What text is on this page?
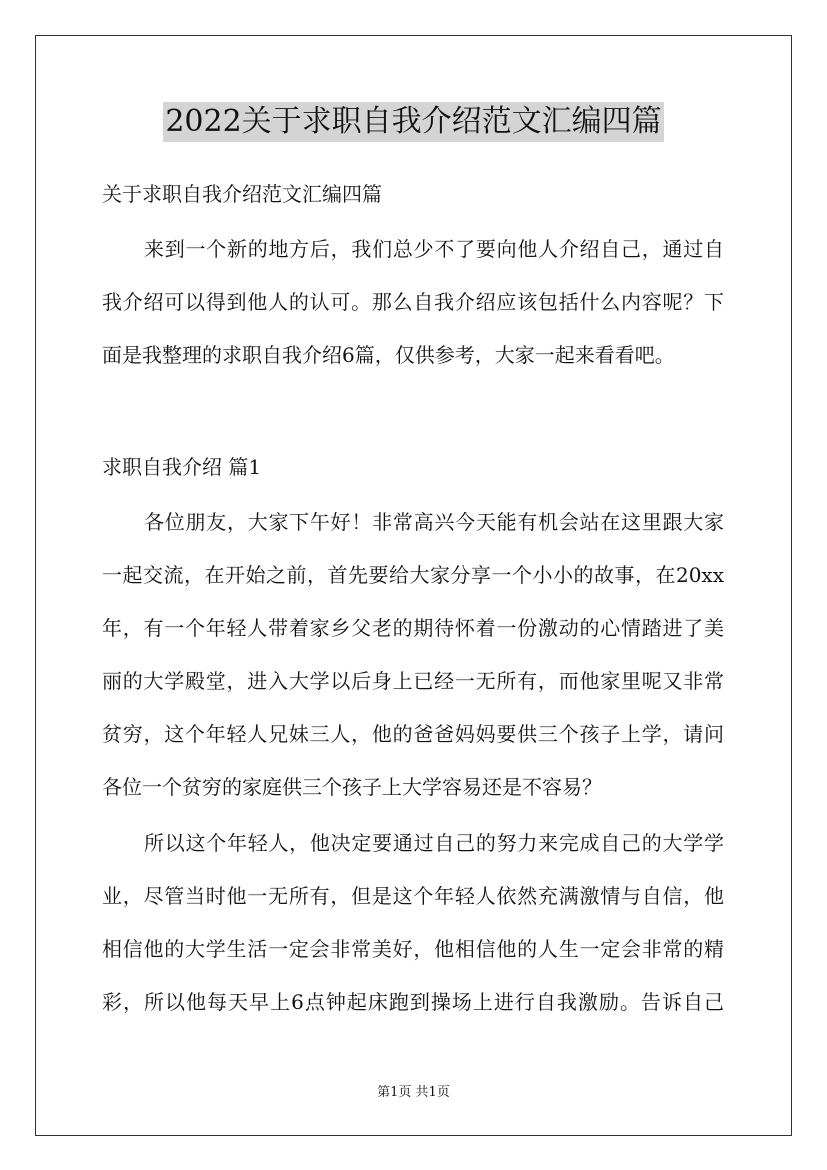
2022关于求职自我介绍范文汇编四篇
关于求职自我介绍范文汇编四篇
来到一个新的地方后，我们总少不了要向他人介绍自己，通过自
我介绍可以得到他人的认可。那么自我介绍应该包括什么内容呢？下
面是我整理的求职自我介绍6篇，仅供参考，大家一起来看看吧。
求职自我介绍 篇1
各位朋友，大家下午好！非常高兴今天能有机会站在这里跟大家
一起交流，在开始之前，首先要给大家分享一个小小的故事，在20xx
年，有一个年轻人带着家乡父老的期待怀着一份激动的心情踏进了美
丽的大学殿堂，进入大学以后身上已经一无所有，而他家里呢又非常
贫穷，这个年轻人兄妹三人，他的爸爸妈妈要供三个孩子上学，请问
各位一个贫穷的家庭供三个孩子上大学容易还是不容易？
所以这个年轻人，他决定要通过自己的努力来完成自己的大学学
业，尽管当时他一无所有，但是这个年轻人依然充满激情与自信，他
相信他的大学生活一定会非常美好，他相信他的人生一定会非常的精
彩，所以他每天早上6点钟起床跑到操场上进行自我激励。告诉自己
第1页 共1页
